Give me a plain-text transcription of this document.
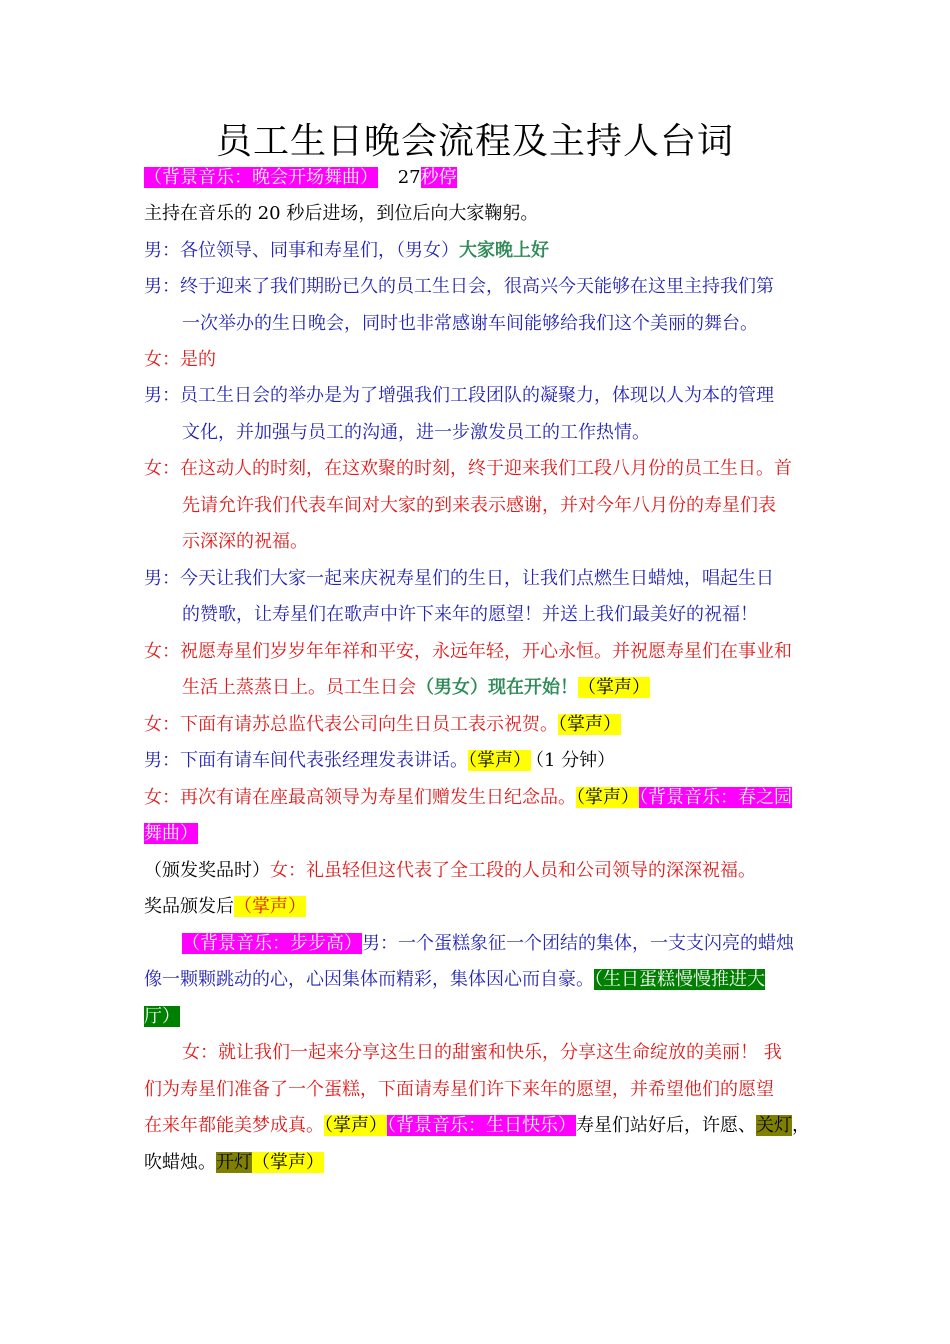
员工生日晚会流程及主持人台词
（背景音乐：晚会开场舞曲） 27秒停
主持在音乐的 20 秒后进场，到位后向大家鞠躬。
男：各位领导、同事和寿星们，（男女）大家晚上好
男：终于迎来了我们期盼已久的员工生日会，很高兴今天能够在这里主持我们第
一次举办的生日晚会，同时也非常感谢车间能够给我们这个美丽的舞台。
女：是的
男：员工生日会的举办是为了增强我们工段团队的凝聚力，体现以人为本的管理
文化，并加强与员工的沟通，进一步激发员工的工作热情。
女：在这动人的时刻，在这欢聚的时刻，终于迎来我们工段八月份的员工生日。首
先请允许我们代表车间对大家的到来表示感谢，并对今年八月份的寿星们表
示深深的祝福。
男：今天让我们大家一起来庆祝寿星们的生日，让我们点燃生日蜡烛，唱起生日
的赞歌，让寿星们在歌声中许下来年的愿望！并送上我们最美好的祝福！
女：祝愿寿星们岁岁年年祥和平安，永远年轻，开心永恒。并祝愿寿星们在事业和
生活上蒸蒸日上。员工生日会（男女）现在开始！（掌声）
女：下面有请苏总监代表公司向生日员工表示祝贺。（掌声）
男：下面有请车间代表张经理发表讲话。（掌声） （1 分钟）
女：再次有请在座最高领导为寿星们赠发生日纪念品。（掌声）（背景音乐：春之园
舞曲）
（颁发奖品时）女：礼虽轻但这代表了全工段的人员和公司领导的深深祝福。
奖品颁发后（掌声）
（背景音乐：步步高）男：一个蛋糕象征一个团结的集体，一支支闪亮的蜡烛
像一颗颗跳动的心，心因集体而精彩，集体因心而自豪。（生日蛋糕慢慢推进大
厅）
女：就让我们一起来分享这生日的甜蜜和快乐，分享这生命绽放的美丽！ 我
们为寿星们准备了一个蛋糕，下面请寿星们许下来年的愿望，并希望他们的愿望
在来年都能美梦成真。（掌声）（背景音乐：生日快乐）寿星们站好后，许愿、关灯，
吹蜡烛。开灯（掌声）
